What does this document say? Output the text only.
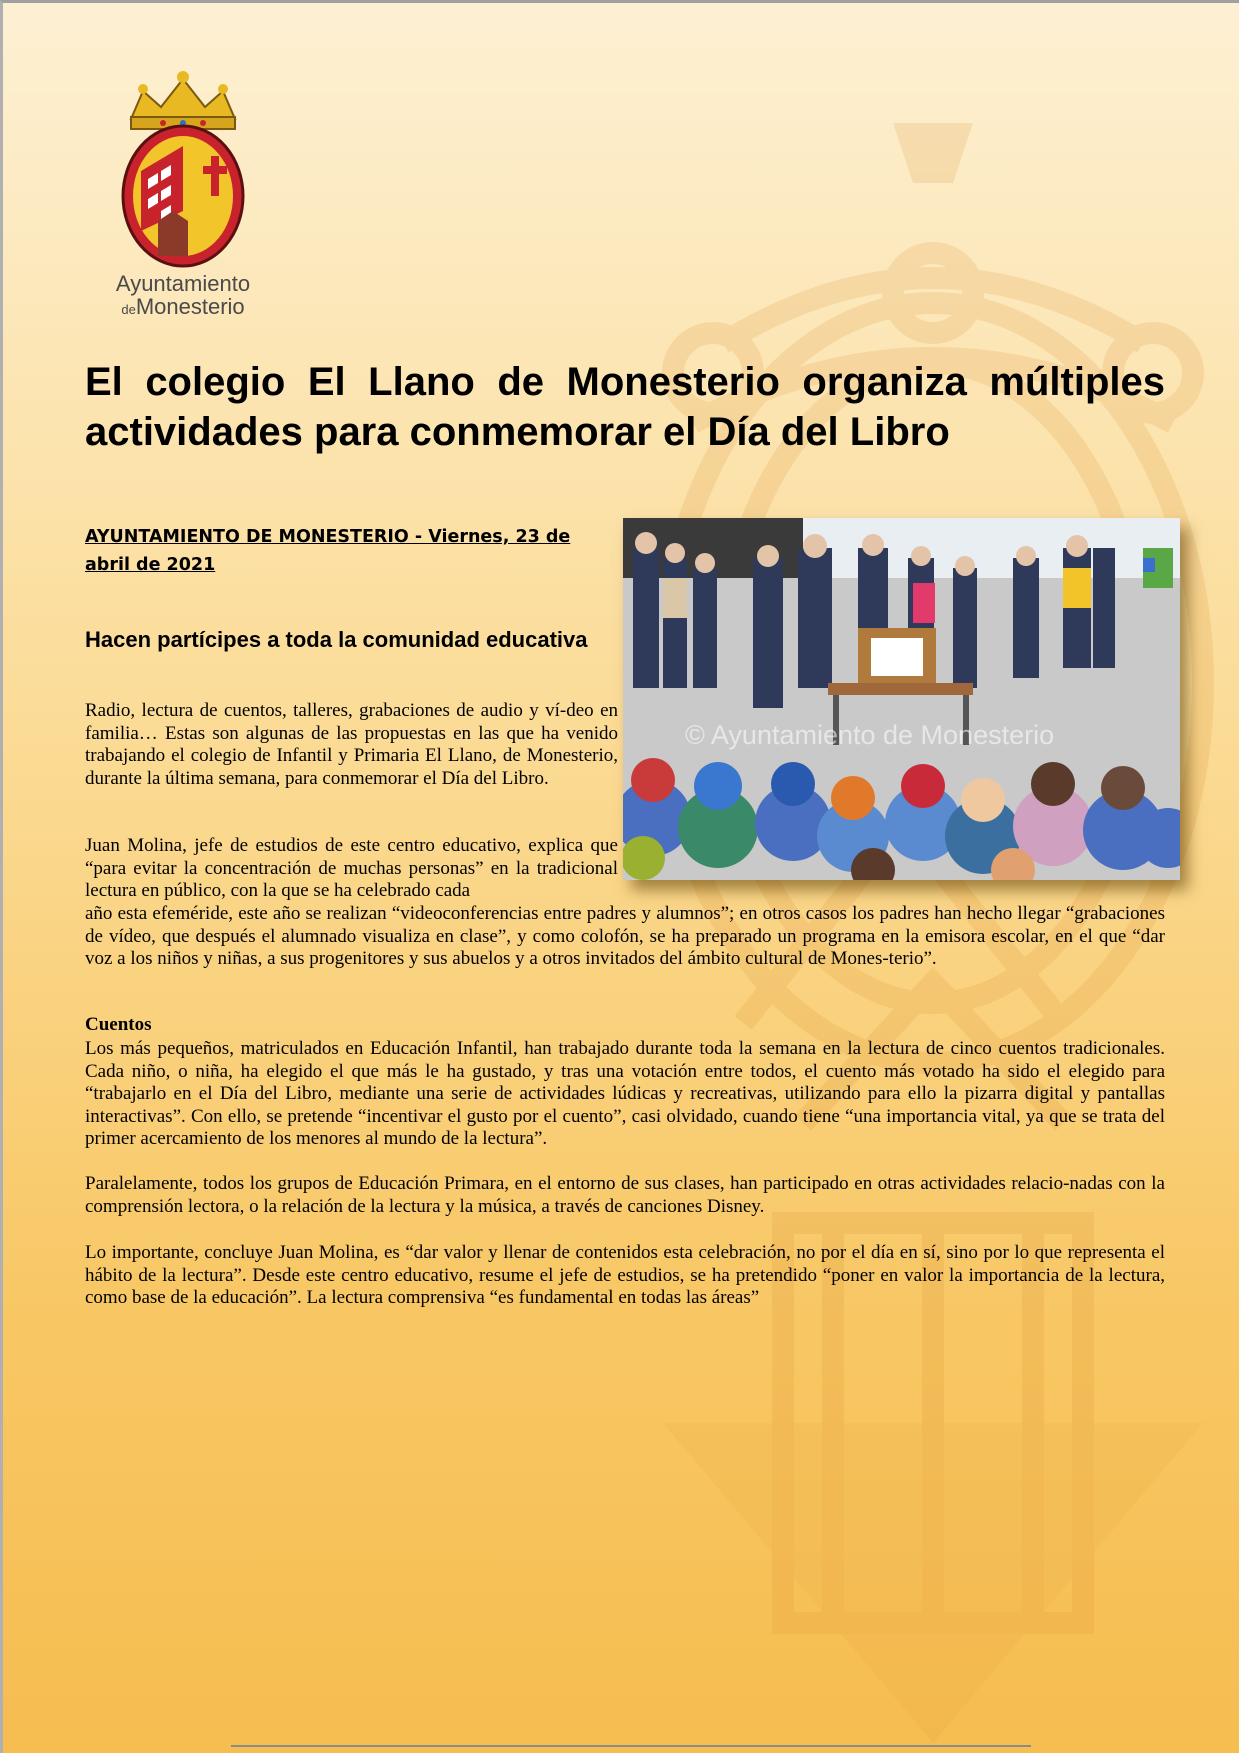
Ayuntamiento
deMonesterio
El colegio El Llano de Monesterio organiza múltiples actividades para conmemorar el Día del Libro
AYUNTAMIENTO DE MONESTERIO - Viernes, 23 de abril de 2021
Hacen partícipes a toda la comunidad educativa
© Ayuntamiento de Monesterio

Radio, lectura de cuentos, talleres, grabaciones de audio y ví-deo en familia… Estas son algunas de las propuestas en las que ha venido trabajando el colegio de Infantil y Primaria El Llano, de Monesterio, durante la última semana, para conmemorar el Día del Libro.

Juan Molina, jefe de estudios de este centro educativo, explica que “para evitar la concentración de muchas personas” en la tradicional lectura en público, con la que se ha celebrado cada

año esta efeméride, este año se realizan “videoconferencias entre padres y alumnos”; en otros casos los padres han hecho llegar “grabaciones de vídeo, que después el alumnado visualiza en clase”, y como colofón, se ha preparado un programa en la emisora escolar, en el que “dar voz a los niños y niñas, a sus progenitores y sus abuelos y a otros invitados del ámbito cultural de Mones-terio”.

Cuentos

Los más pequeños, matriculados en Educación Infantil, han trabajado durante toda la semana en la lectura de cinco cuentos tradicionales. Cada niño, o niña, ha elegido el que más le ha gustado, y tras una votación entre todos, el cuento más votado ha sido el elegido para “trabajarlo en el Día del Libro, mediante una serie de actividades lúdicas y recreativas, utilizando para ello la pizarra digital y pantallas interactivas”. Con ello, se pretende “incentivar el gusto por el cuento”, casi olvidado, cuando tiene “una importancia vital, ya que se trata del primer acercamiento de los menores al mundo de la lectura”.

Paralelamente, todos los grupos de Educación Primara, en el entorno de sus clases, han participado en otras actividades relacio-nadas con la comprensión lectora, o la relación de la lectura y la música, a través de canciones Disney.

Lo importante, concluye Juan Molina, es “dar valor y llenar de contenidos esta celebración, no por el día en sí, sino por lo que representa el hábito de la lectura”. Desde este centro educativo, resume el jefe de estudios, se ha pretendido “poner en valor la importancia de la lectura, como base de la educación”. La lectura comprensiva “es fundamental en todas las áreas”
